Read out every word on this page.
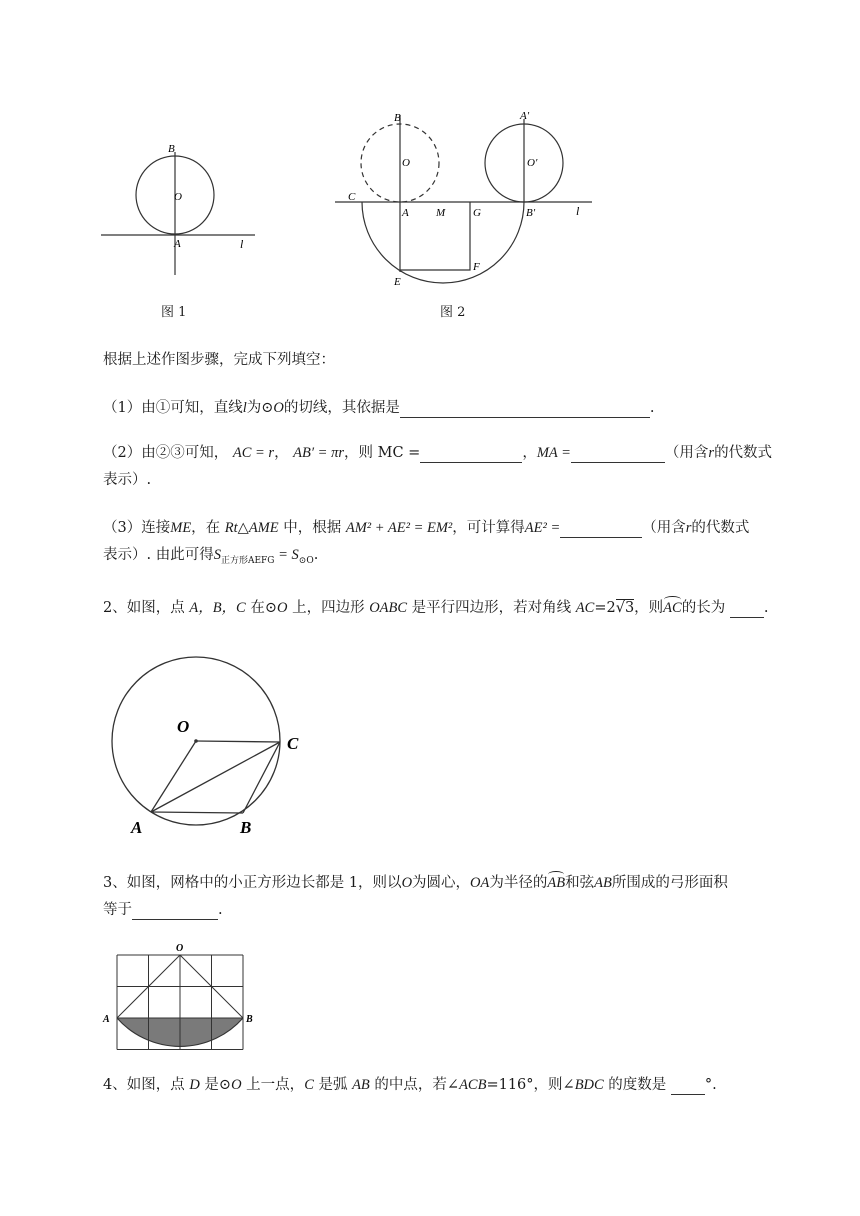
B
O
A	l
图 1
B
O
A′
O′
C
A M	G	B′	l
F
E
图 2
根据上述作图步骤，完成下列填空：
（1）由①可知，直线l为⊙O的切线，其依据是	.
（2）由②③可知， AC = r， AB′ = πr，则 MC =	，MA =	（用含r的代数式
表示）.
（3）连接ME，在 Rt△AME 中，根据 AM² + AE² = EM²，可计算得AE² =	（用含r的代数式
表示）. 由此可得$S_{正方形AEFG} = S_{⊙O}$.
2、如图，点 A，B，C 在⊙O 上，四边形 OABC 是平行四边形，若对角线 AC=2√3，则AC的长为	.
O
C
A	B
3、如图，网格中的小正方形边长都是 1，则以O为圆心，OA为半径的AB和弦AB所围成的弓形面积
等于	.
O
A	B
4、如图，点 D 是⊙O 上一点，C 是弧 AB 的中点，若∠ACB=116°，则∠BDC 的度数是	°.
